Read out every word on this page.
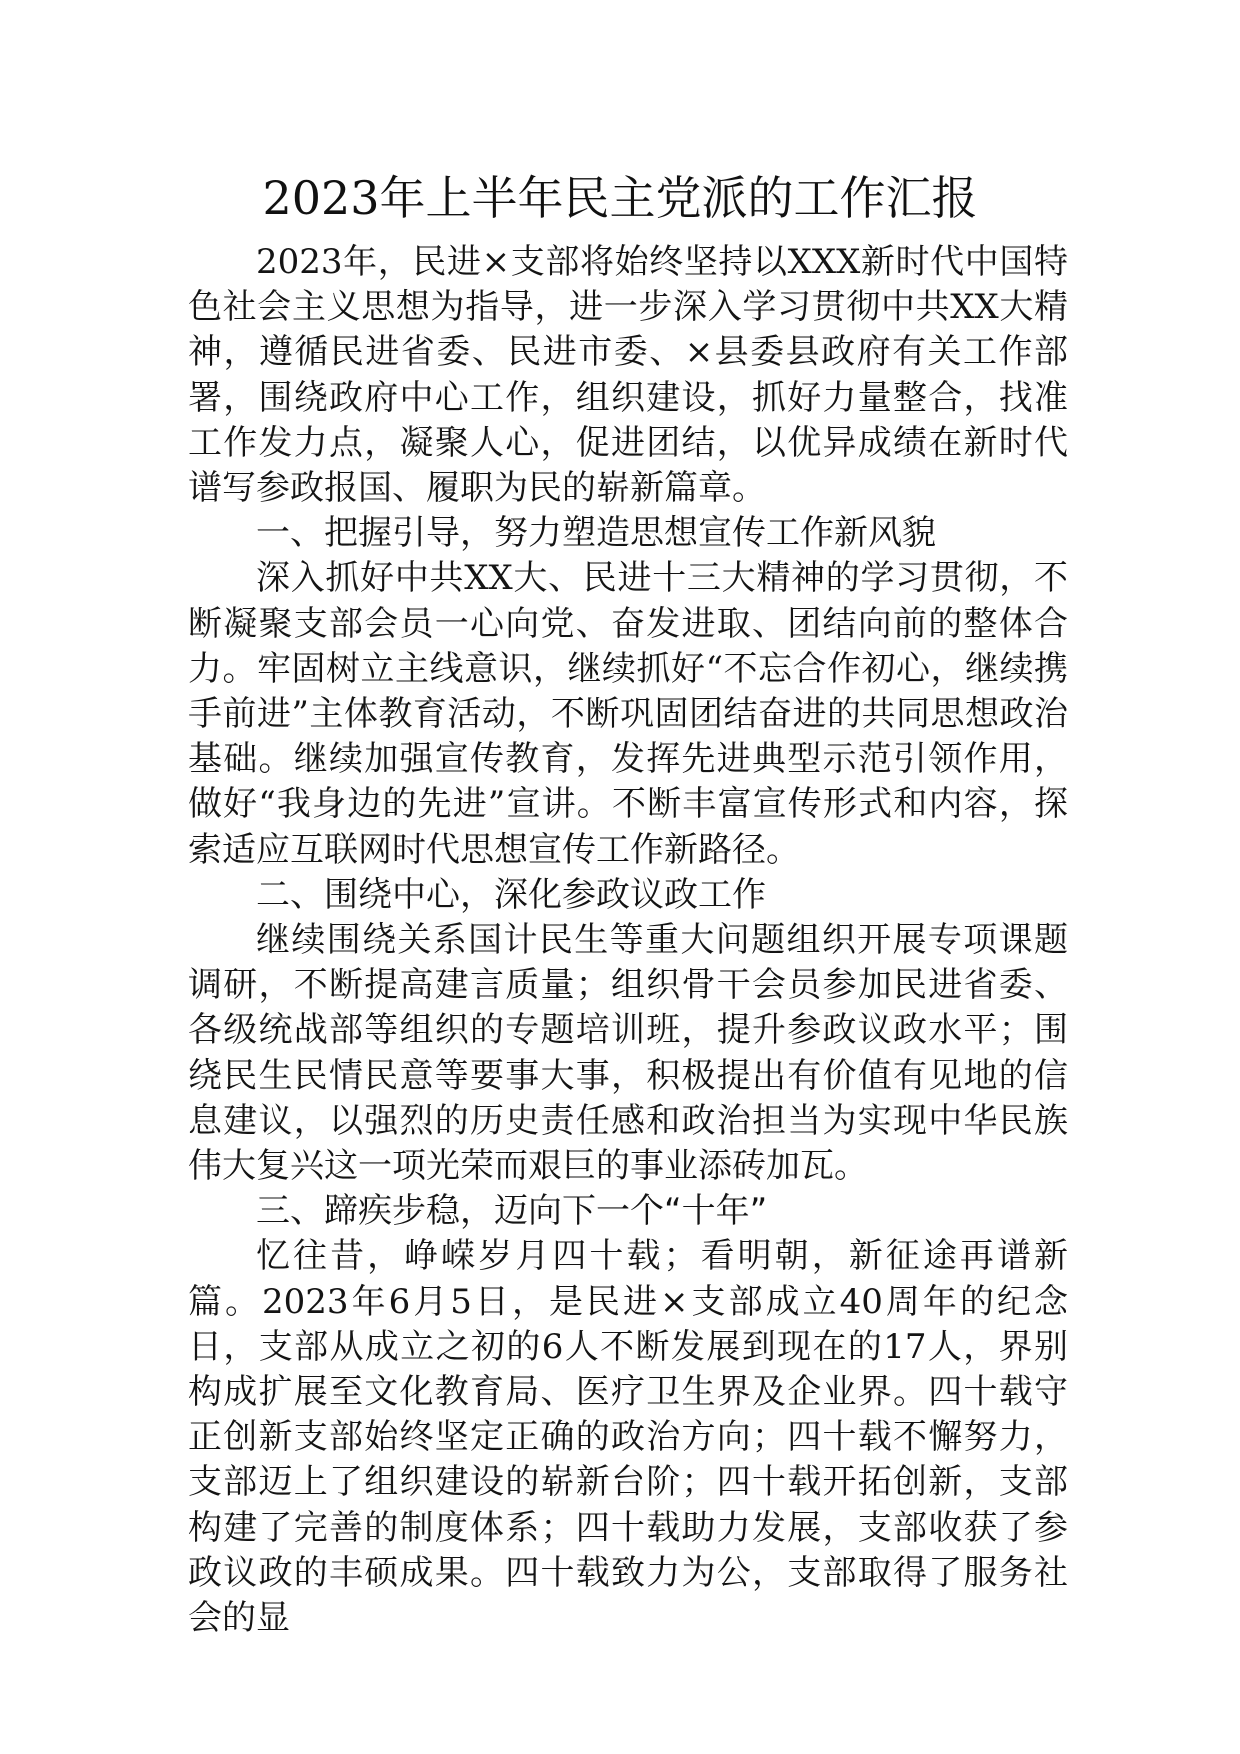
2023年上半年民主党派的工作汇报

2023年，民进×支部将始终坚持以XXX新时代中国特色社会主义思想为指导，进一步深入学习贯彻中共XX大精神，遵循民进省委、民进市委、×县委县政府有关工作部署，围绕政府中心工作，组织建设，抓好力量整合，找准工作发力点，凝聚人心，促进团结，以优异成绩在新时代谱写参政报国、履职为民的崭新篇章。

一、把握引导，努力塑造思想宣传工作新风貌

深入抓好中共XX大、民进十三大精神的学习贯彻，不断凝聚支部会员一心向党、奋发进取、团结向前的整体合力。牢固树立主线意识，继续抓好“不忘合作初心，继续携手前进”主体教育活动，不断巩固团结奋进的共同思想政治基础。继续加强宣传教育，发挥先进典型示范引领作用，做好“我身边的先进”宣讲。不断丰富宣传形式和内容，探索适应互联网时代思想宣传工作新路径。

二、围绕中心，深化参政议政工作

继续围绕关系国计民生等重大问题组织开展专项课题调研，不断提高建言质量；组织骨干会员参加民进省委、各级统战部等组织的专题培训班，提升参政议政水平；围绕民生民情民意等要事大事，积极提出有价值有见地的信息建议，以强烈的历史责任感和政治担当为实现中华民族伟大复兴这一项光荣而艰巨的事业添砖加瓦。

三、蹄疾步稳，迈向下一个“十年”

忆往昔，峥嵘岁月四十载；看明朝，新征途再谱新篇。2023年6月5日，是民进×支部成立40周年的纪念日，支部从成立之初的6人不断发展到现在的17人，界别构成扩展至文化教育局、医疗卫生界及企业界。四十载守正创新支部始终坚定正确的政治方向；四十载不懈努力，支部迈上了组织建设的崭新台阶；四十载开拓创新，支部构建了完善的制度体系；四十载助力发展，支部收获了参政议政的丰硕成果。四十载致力为公，支部取得了服务社会的显
